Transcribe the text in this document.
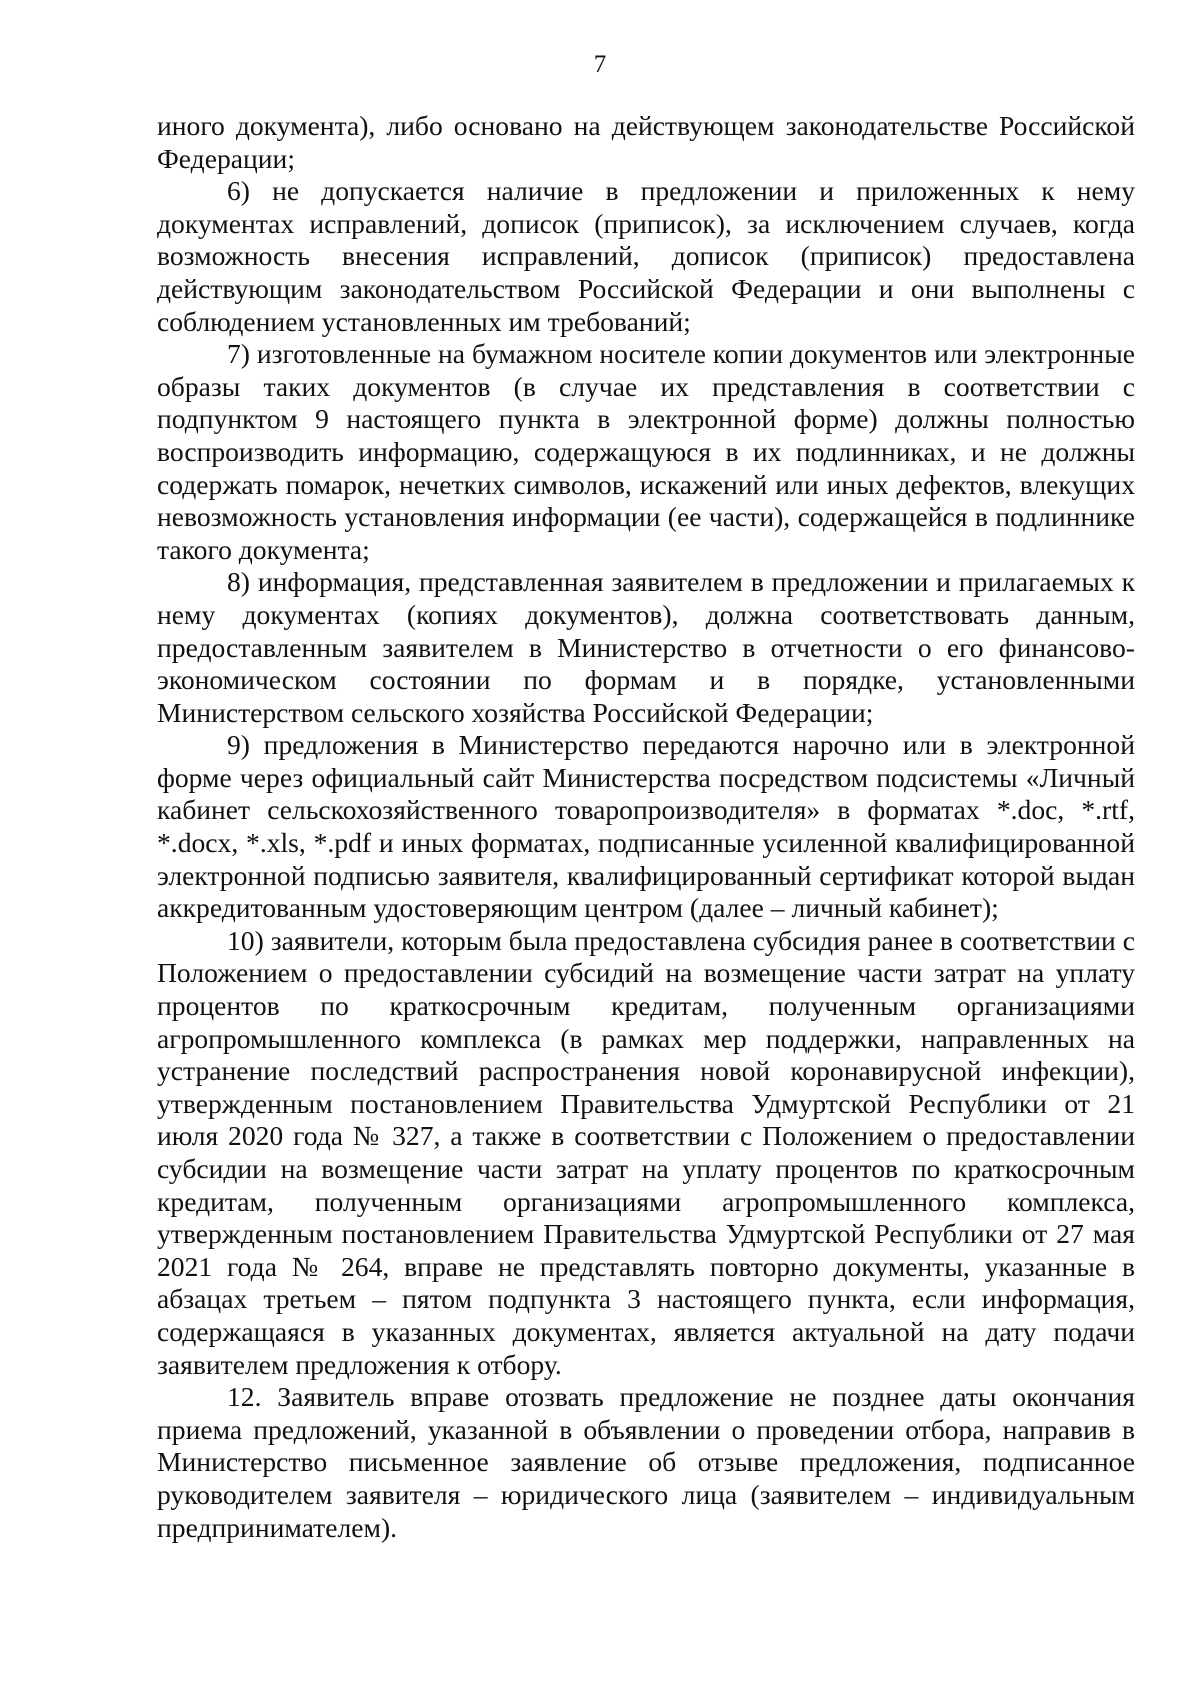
7

иного документа), либо основано на действующем законодательстве Российской Федерации;

6) не допускается наличие в предложении и приложенных к нему документах исправлений, дописок (приписок), за исключением случаев, когда возможность внесения исправлений, дописок (приписок) предоставлена действующим законодательством Российской Федерации и они выполнены с соблюдением установленных им требований;

7) изготовленные на бумажном носителе копии документов или электронные образы таких документов (в случае их представления в соответствии с подпунктом 9 настоящего пункта в электронной форме) должны полностью воспроизводить информацию, содержащуюся в их подлинниках, и не должны содержать помарок, нечетких символов, искажений или иных дефектов, влекущих невозможность установления информации (ее части), содержащейся в подлиннике такого документа;

8) информация, представленная заявителем в предложении и прилагаемых к нему документах (копиях документов), должна соответствовать данным, предоставленным заявителем в Министерство в отчетности о его финансово-экономическом состоянии по формам и в порядке, установленными Министерством сельского хозяйства Российской Федерации;

9) предложения в Министерство передаются нарочно или в электронной форме через официальный сайт Министерства посредством подсистемы «Личный кабинет сельскохозяйственного товаропроизводителя» в форматах *.doc, *.rtf, *.docx, *.xls, *.pdf и иных форматах, подписанные усиленной квалифицированной электронной подписью заявителя, квалифицированный сертификат которой выдан аккредитованным удостоверяющим центром (далее – личный кабинет);

10) заявители, которым была предоставлена субсидия ранее в соответствии с Положением о предоставлении субсидий на возмещение части затрат на уплату процентов по краткосрочным кредитам, полученным организациями агропромышленного комплекса (в рамках мер поддержки, направленных на устранение последствий распространения новой коронавирусной инфекции), утвержденным постановлением Правительства Удмуртской Республики от 21 июля 2020 года № 327, а также в соответствии с Положением о предоставлении субсидии на возмещение части затрат на уплату процентов по краткосрочным кредитам, полученным организациями агропромышленного комплекса, утвержденным постановлением Правительства Удмуртской Республики от 27 мая 2021 года № 264, вправе не представлять повторно документы, указанные в абзацах третьем – пятом подпункта 3 настоящего пункта, если информация, содержащаяся в указанных документах, является актуальной на дату подачи заявителем предложения к отбору.

12. Заявитель вправе отозвать предложение не позднее даты окончания приема предложений, указанной в объявлении о проведении отбора, направив в Министерство письменное заявление об отзыве предложения, подписанное руководителем заявителя – юридического лица (заявителем – индивидуальным предпринимателем).
